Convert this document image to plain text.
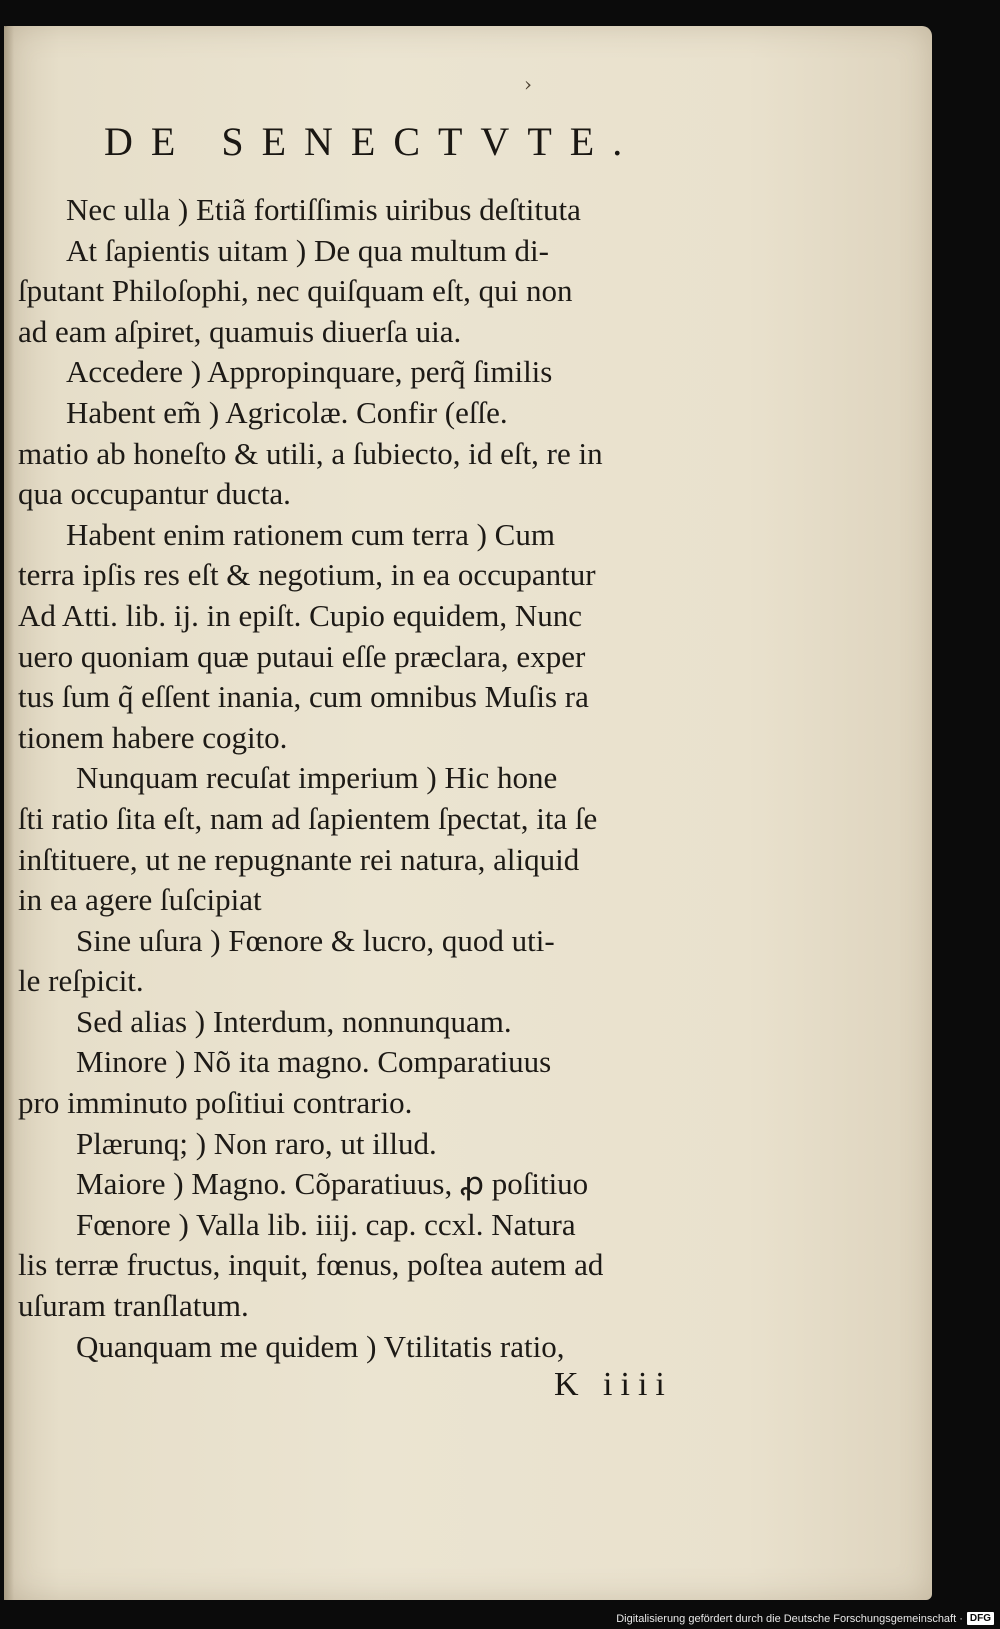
›
DE SENECTVTE.
Nec ulla ) Etiã fortiſſimis uiribus deſtituta
At ſapientis uitam ) De qua multum di-
ſputant Philoſophi, nec quiſquam eſt, qui non
ad eam aſpiret, quamuis diuerſa uia.
Accedere ) Appropinquare, perq̃ ſimilis
Habent em̃ ) Agricolæ. Confir (eſſe.
matio ab honeſto & utili, a ſubiecto, id eſt, re in
qua occupantur ducta.
Habent enim rationem cum terra ) Cum
terra ipſis res eſt & negotium, in ea occupantur
Ad Atti. lib. ij. in epiſt. Cupio equidem, Nunc
uero quoniam quæ putaui eſſe præclara, exper
tus ſum q̃ eſſent inania, cum omnibus Muſis ra
tionem habere cogito.
Nunquam recuſat imperium ) Hic hone
ſti ratio ſita eſt, nam ad ſapientem ſpectat, ita ſe
inſtituere, ut ne repugnante rei natura, aliquid
in ea agere ſuſcipiat
Sine uſura ) Fœnore & lucro, quod uti-
le reſpicit.
Sed alias ) Interdum, nonnunquam.
Minore ) Nõ ita magno. Comparatiuus
pro imminuto poſitiui contrario.
Plærunq; ) Non raro, ut illud.
Maiore ) Magno. Cõparatiuus, ꝓ poſitiuo
Fœnore ) Valla lib. iiij. cap. ccxl. Natura
lis terræ fructus, inquit, fœnus, poſtea autem ad
uſuram tranſlatum.
Quanquam me quidem ) Vtilitatis ratio,
K iiii
Digitalisierung gefördert durch die Deutsche Forschungsgemeinschaft · DFG
